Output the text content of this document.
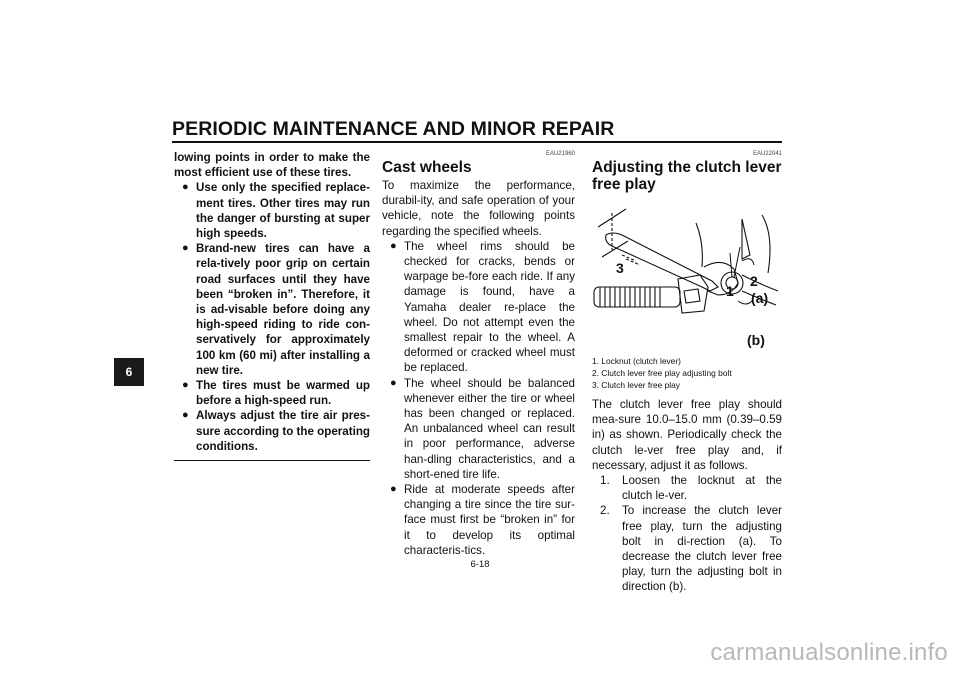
PERIODIC MAINTENANCE AND MINOR REPAIR
6
lowing points in order to make the most efficient use of these tires.
● Use only the specified replace-ment tires. Other tires may run the danger of bursting at super high speeds.
● Brand-new tires can have a rela-tively poor grip on certain road surfaces until they have been “broken in”. Therefore, it is ad-visable before doing any high-speed riding to ride con-servatively for approximately 100 km (60 mi) after installing a new tire.
● The tires must be warmed up before a high-speed run.
● Always adjust the tire air pres-sure according to the operating conditions.
EAU21960
Cast wheels
To maximize the performance, durabil-ity, and safe operation of your vehicle, note the following points regarding the specified wheels.
● The wheel rims should be checked for cracks, bends or warpage be-fore each ride. If any damage is found, have a Yamaha dealer re-place the wheel. Do not attempt even the smallest repair to the wheel. A deformed or cracked wheel must be replaced.
● The wheel should be balanced whenever either the tire or wheel has been changed or replaced. An unbalanced wheel can result in poor performance, adverse han-dling characteristics, and a short-ened tire life.
● Ride at moderate speeds after changing a tire since the tire sur-face must first be “broken in” for it to develop its optimal characteris-tics.
EAU22041
Adjusting the clutch lever free play
3
1
2
(a)
(b)
1. Locknut (clutch lever)
2. Clutch lever free play adjusting bolt
3. Clutch lever free play
The clutch lever free play should mea-sure 10.0–15.0 mm (0.39–0.59 in) as shown. Periodically check the clutch le-ver free play and, if necessary, adjust it as follows.
1. Loosen the locknut at the clutch le-ver.
2. To increase the clutch lever free play, turn the adjusting bolt in di-rection (a). To decrease the clutch lever free play, turn the adjusting bolt in direction (b).
6-18
carmanualsonline.info
